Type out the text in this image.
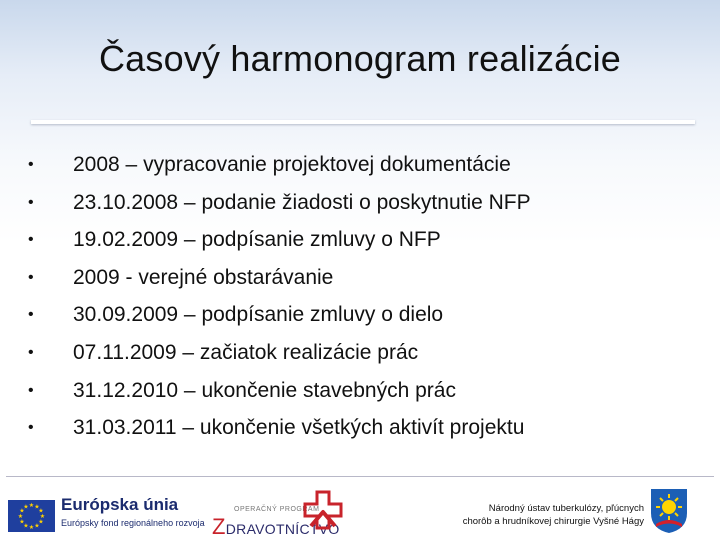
Časový harmonogram realizácie
• 2008 – vypracovanie projektovej dokumentácie
• 23.10.2008 – podanie žiadosti o poskytnutie NFP
• 19.02.2009 – podpísanie zmluvy o NFP
• 2009 - verejné obstarávanie
• 30.09.2009 – podpísanie zmluvy o dielo
• 07.11.2009 – začiatok realizácie prác
• 31.12.2010 – ukončenie stavebných prác
• 31.03.2011 – ukončenie všetkých aktivít projektu
★ ★
★
★
★
★
★
★
★
★
★
★ Európska únia
Európsky fond regionálneho rozvoja
OPERAČNÝ PROGRAM
ZDRAVOTNÍCTVO
Národný ústav tuberkulózy, pľúcnych
chorôb a hrudníkovej chirurgie Vyšné Hágy
